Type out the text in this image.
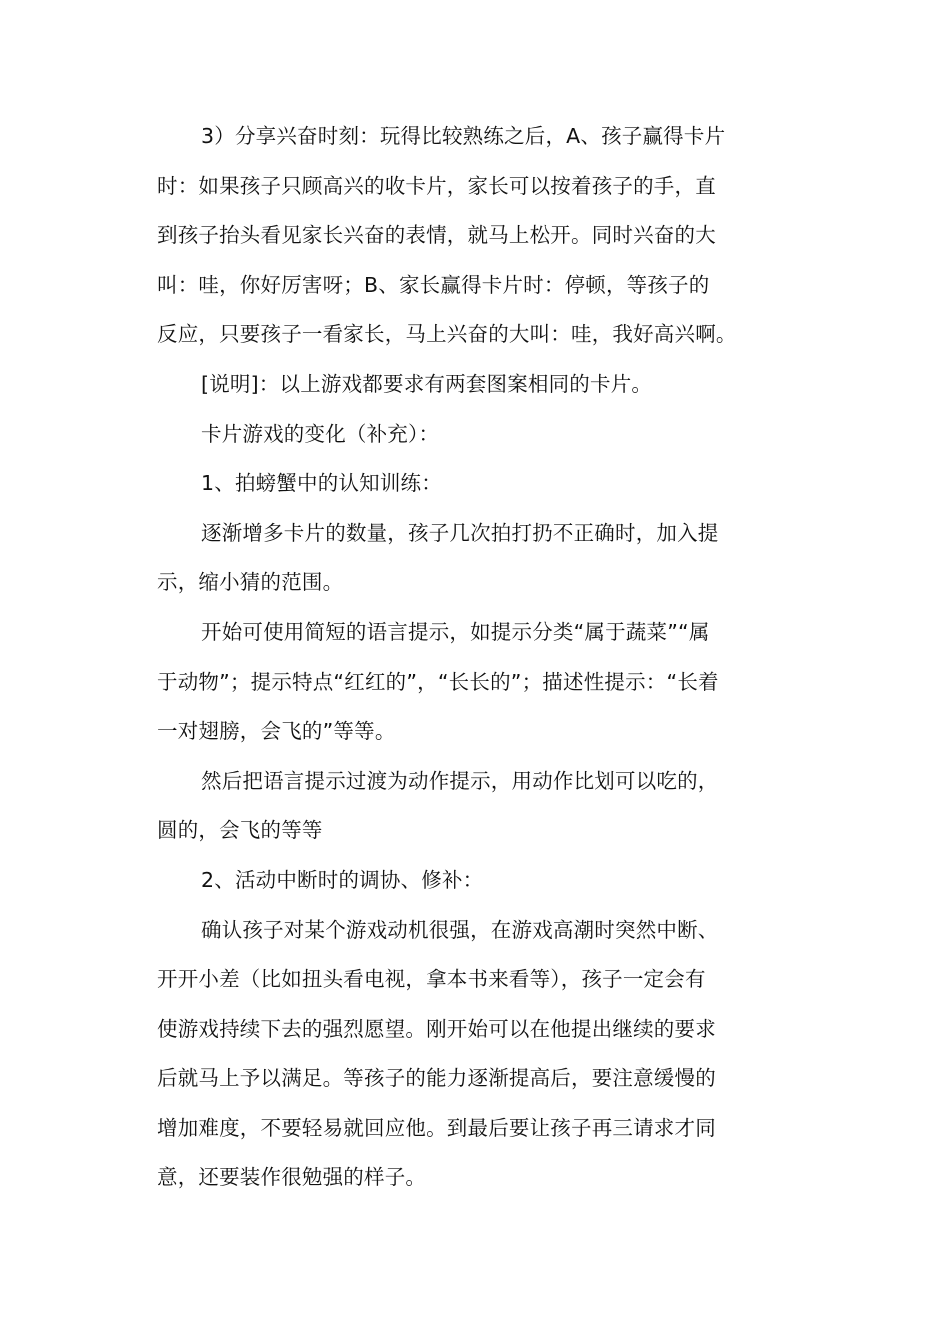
3）分享兴奋时刻：玩得比较熟练之后，A、孩子赢得卡片
时：如果孩子只顾高兴的收卡片，家长可以按着孩子的手，直
到孩子抬头看见家长兴奋的表情，就马上松开。同时兴奋的大
叫：哇，你好厉害呀；B、家长赢得卡片时：停顿，等孩子的
反应，只要孩子一看家长，马上兴奋的大叫：哇，我好高兴啊。
[说明]：以上游戏都要求有两套图案相同的卡片。
卡片游戏的变化（补充）：
1、拍螃蟹中的认知训练：
逐渐增多卡片的数量，孩子几次拍打扔不正确时，加入提
示，缩小猜的范围。
开始可使用简短的语言提示，如提示分类“属于蔬菜”“属
于动物”；提示特点“红红的”，“长长的”；描述性提示：“长着
一对翅膀，会飞的”等等。
然后把语言提示过渡为动作提示，用动作比划可以吃的，
圆的，会飞的等等
2、活动中断时的调协、修补：
确认孩子对某个游戏动机很强，在游戏高潮时突然中断、
开开小差（比如扭头看电视，拿本书来看等），孩子一定会有
使游戏持续下去的强烈愿望。刚开始可以在他提出继续的要求
后就马上予以满足。等孩子的能力逐渐提高后，要注意缓慢的
增加难度，不要轻易就回应他。到最后要让孩子再三请求才同
意，还要装作很勉强的样子。
